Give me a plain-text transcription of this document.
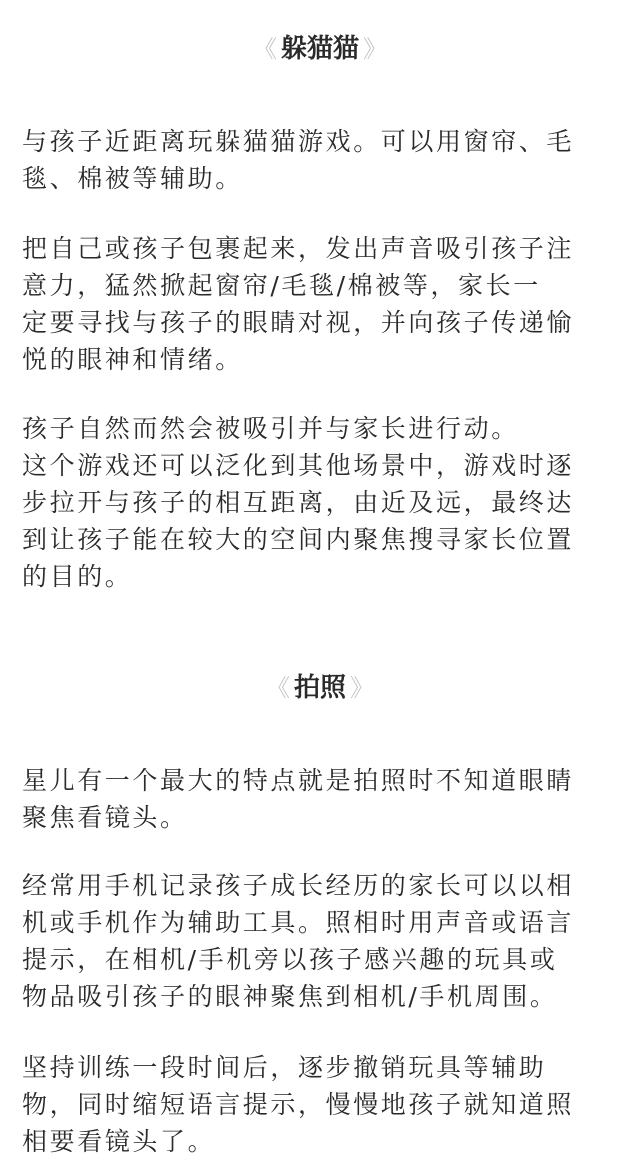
《 躲猫猫 》

与孩子近距离玩躲猫猫游戏。可以用窗帘、毛
毯、棉被等辅助。

把自己或孩子包裹起来，发出声音吸引孩子注
意力，猛然掀起窗帘/毛毯/棉被等，家长一
定要寻找与孩子的眼睛对视，并向孩子传递愉
悦的眼神和情绪。

孩子自然而然会被吸引并与家长进行动。
这个游戏还可以泛化到其他场景中，游戏时逐
步拉开与孩子的相互距离，由近及远，最终达
到让孩子能在较大的空间内聚焦搜寻家长位置
的目的。

《 拍照 》

星儿有一个最大的特点就是拍照时不知道眼睛
聚焦看镜头。

经常用手机记录孩子成长经历的家长可以以相
机或手机作为辅助工具。照相时用声音或语言
提示，在相机/手机旁以孩子感兴趣的玩具或
物品吸引孩子的眼神聚焦到相机/手机周围。

坚持训练一段时间后，逐步撤销玩具等辅助
物，同时缩短语言提示，慢慢地孩子就知道照
相要看镜头了。
